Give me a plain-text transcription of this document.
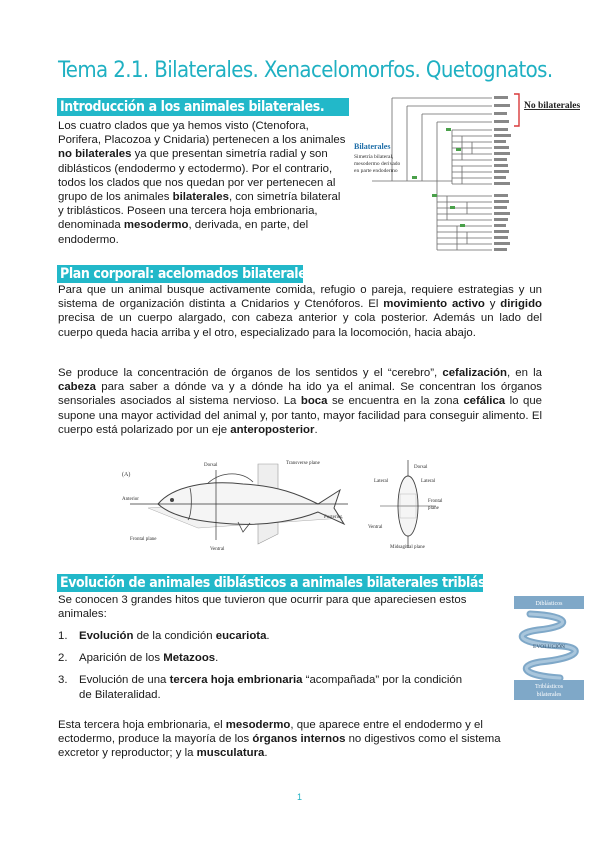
Tema 2.1. Bilaterales. Xenacelomorfos. Quetognatos.
Introducción a los animales bilaterales.
Los cuatro clados que ya hemos visto (Ctenofora, Porifera, Placozoa y Cnidaria) pertenecen a los animales no bilaterales ya que presentan simetría radial y son diblásticos (endodermo y ectodermo). Por el contrario, todos los clados que nos quedan por ver pertenecen al grupo de los animales bilaterales, con simetría bilateral y triblásticos. Poseen una tercera hoja embrionaria, denominada mesodermo, derivada, en parte, del endodermo.
No bilaterales
Bilaterales
Simetría bilateral,
mesodermo derivado
en parte endodermo
Plan corporal: acelomados bilaterales.
Para que un animal busque activamente comida, refugio o pareja, requiere estrategias y un sistema de organización distinta a Cnidarios y Ctenóforos. El movimiento activo y dirigido precisa de un cuerpo alargado, con cabeza anterior y cola posterior. Además un lado del cuerpo queda hacia arriba y el otro, especializado para la locomoción, hacia abajo.
Se produce la concentración de órganos de los sentidos y el “cerebro”, cefalización, en la cabeza para saber a dónde va y a dónde ha ido ya el animal. Se concentran los órganos sensoriales asociados al sistema nervioso. La boca se encuentra en la zona cefálica lo que supone una mayor actividad del animal y, por tanto, mayor facilidad para conseguir alimento. El cuerpo está polarizado por un eje anteroposterior.
(A)
Dorsal	Transverse plane
Anterior
Posterior
Ventral
Frontal plane
Dorsal
Lateral	Lateral
Frontal
plane
Ventral
Midsagittal plane
Evolución de animales diblásticos a animales bilaterales triblásticos.
Se conocen 3 grandes hitos que tuvieron que ocurrir para que apareciesen estos animales:
1. Evolución de la condición eucariota.
2. Aparición de los Metazoos.
3. Evolución de una tercera hoja embrionaria “acompañada” por la condición de Bilateralidad.
Esta tercera hoja embrionaria, el mesodermo, que aparece entre el endodermo y el ectodermo, produce la mayoría de los órganos internos no digestivos como el sistema excretor y reproductor; y la musculatura.
Diblásticos
EVOLUCIÓN
Triblásticos
bilaterales
1
